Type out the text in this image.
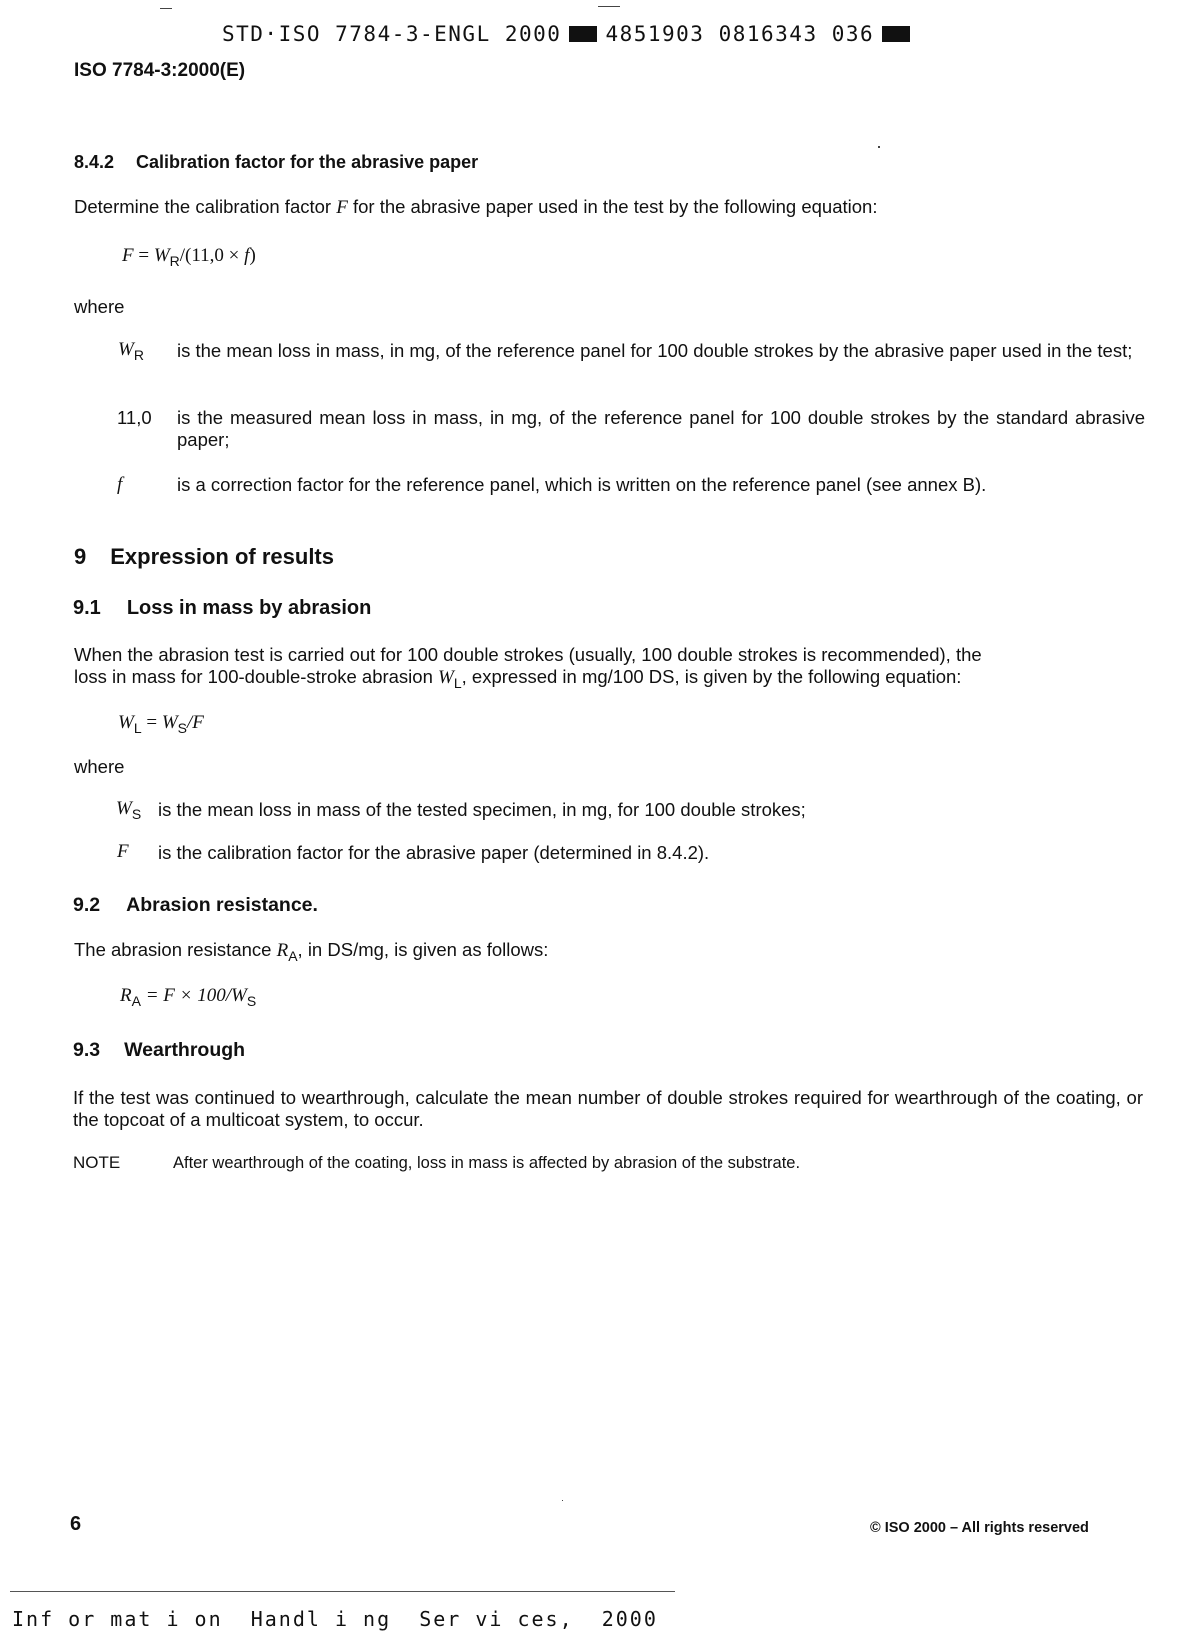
STD·ISO 7784-3-ENGL 2000 4851903 0816343 036
ISO 7784-3:2000(E)
8.4.2 Calibration factor for the abrasive paper
Determine the calibration factor F for the abrasive paper used in the test by the following equation:
$F = W_R/(11,0 \times f)$
where
$W_R$ is the mean loss in mass, in mg, of the reference panel for 100 double strokes by the abrasive paper used in the test;
11,0 is the measured mean loss in mass, in mg, of the reference panel for 100 double strokes by the standard abrasive paper;
f	is a correction factor for the reference panel, which is written on the reference panel (see annex B).
9 Expression of results
9.1 Loss in mass by abrasion
When the abrasion test is carried out for 100 double strokes (usually, 100 double strokes is recommended), the
loss in mass for 100-double-stroke abrasion $W_L$, expressed in mg/100 DS, is given by the following equation:
$W_L = W_S/F$
where
$W_S$ is the mean loss in mass of the tested specimen, in mg, for 100 double strokes;
F is the calibration factor for the abrasive paper (determined in 8.4.2).
9.2 Abrasion resistance.
The abrasion resistance $R_A$, in DS/mg, is given as follows:
$R_A = F \times 100/W_S$
9.3 Wearthrough
If the test was continued to wearthrough, calculate the mean number of double strokes required for wearthrough of the coating, or the topcoat of a multicoat system, to occur.
NOTE	After wearthrough of the coating, loss in mass is affected by abrasion of the substrate.
6	© ISO 2000 – All rights reserved
Inf or mat i on  Handl i ng  Ser vi ces,  2000
